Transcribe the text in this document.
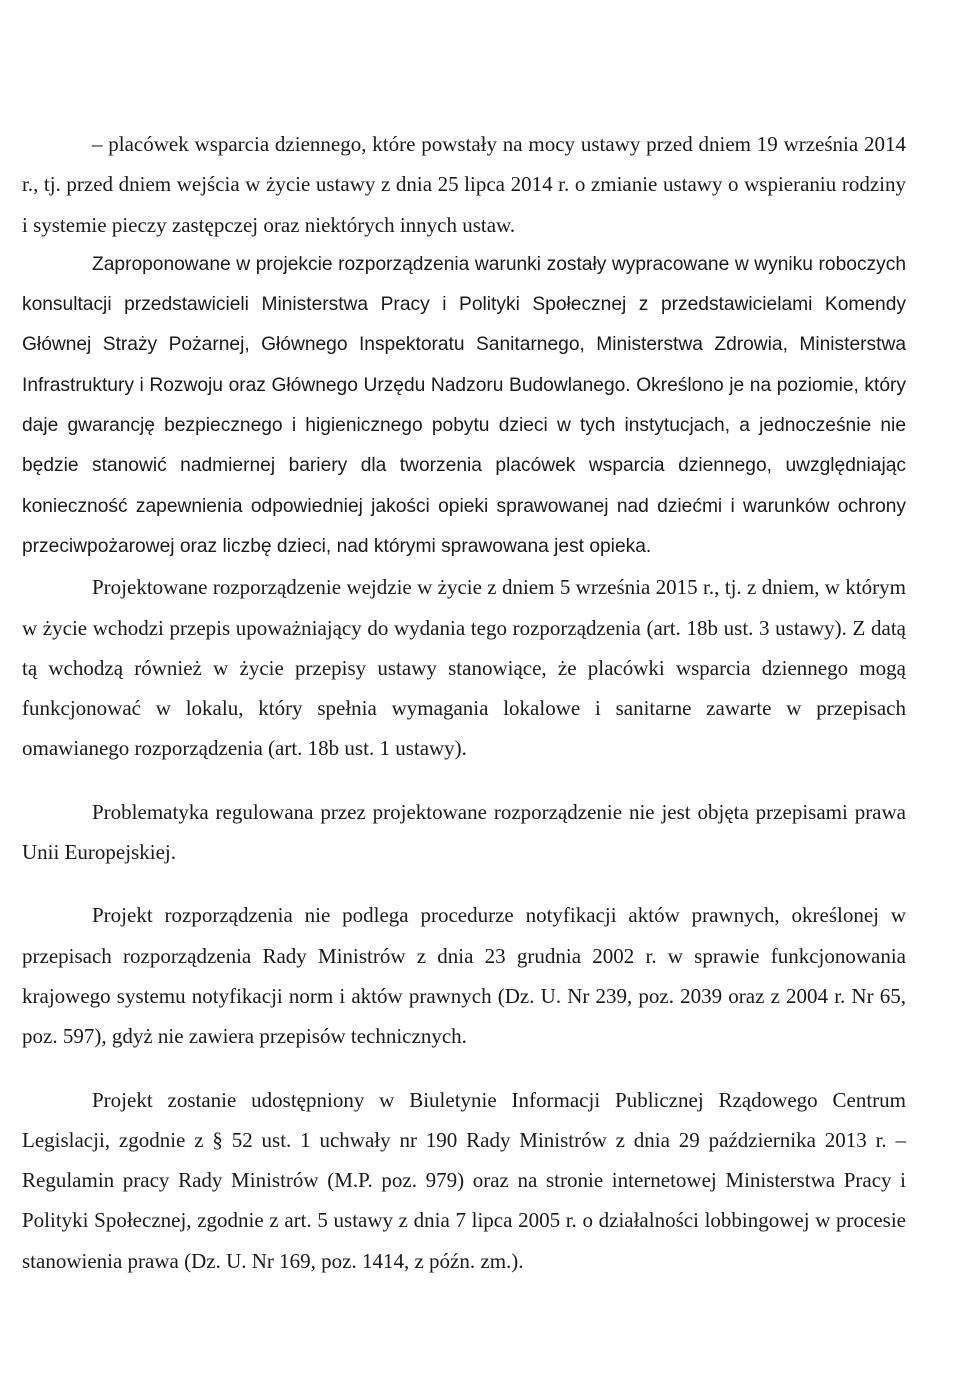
– placówek wsparcia dziennego, które powstały na mocy ustawy przed dniem 19 września 2014 r., tj. przed dniem wejścia w życie ustawy z dnia 25 lipca 2014 r. o zmianie ustawy o wspieraniu rodziny i systemie pieczy zastępczej oraz niektórych innych ustaw.

Zaproponowane w projekcie rozporządzenia warunki zostały wypracowane w wyniku roboczych konsultacji przedstawicieli Ministerstwa Pracy i Polityki Społecznej z przedstawicielami Komendy Głównej Straży Pożarnej, Głównego Inspektoratu Sanitarnego, Ministerstwa Zdrowia, Ministerstwa Infrastruktury i Rozwoju oraz Głównego Urzędu Nadzoru Budowlanego. Określono je na poziomie, który daje gwarancję bezpiecznego i higienicznego pobytu dzieci w tych instytucjach, a jednocześnie nie będzie stanowić nadmiernej bariery dla tworzenia placówek wsparcia dziennego, uwzględniając konieczność zapewnienia odpowiedniej jakości opieki sprawowanej nad dziećmi i warunków ochrony przeciwpożarowej oraz liczbę dzieci, nad którymi sprawowana jest opieka.

Projektowane rozporządzenie wejdzie w życie z dniem 5 września 2015 r., tj. z dniem, w którym w życie wchodzi przepis upoważniający do wydania tego rozporządzenia (art. 18b ust. 3 ustawy). Z datą tą wchodzą również w życie przepisy ustawy stanowiące, że placówki wsparcia dziennego mogą funkcjonować w lokalu, który spełnia wymagania lokalowe i sanitarne zawarte w przepisach omawianego rozporządzenia (art. 18b ust. 1 ustawy).

Problematyka regulowana przez projektowane rozporządzenie nie jest objęta przepisami prawa Unii Europejskiej.

Projekt rozporządzenia nie podlega procedurze notyfikacji aktów prawnych, określonej w przepisach rozporządzenia Rady Ministrów z dnia 23 grudnia 2002 r. w sprawie funkcjonowania krajowego systemu notyfikacji norm i aktów prawnych (Dz. U. Nr 239, poz. 2039 oraz z 2004 r. Nr 65, poz. 597), gdyż nie zawiera przepisów technicznych.

Projekt zostanie udostępniony w Biuletynie Informacji Publicznej Rządowego Centrum Legislacji, zgodnie z § 52 ust. 1 uchwały nr 190 Rady Ministrów z dnia 29 października 2013 r. – Regulamin pracy Rady Ministrów (M.P. poz. 979) oraz na stronie internetowej Ministerstwa Pracy i Polityki Społecznej, zgodnie z art. 5 ustawy z dnia 7 lipca 2005 r. o działalności lobbingowej w procesie stanowienia prawa (Dz. U. Nr 169, poz. 1414, z późn. zm.).
